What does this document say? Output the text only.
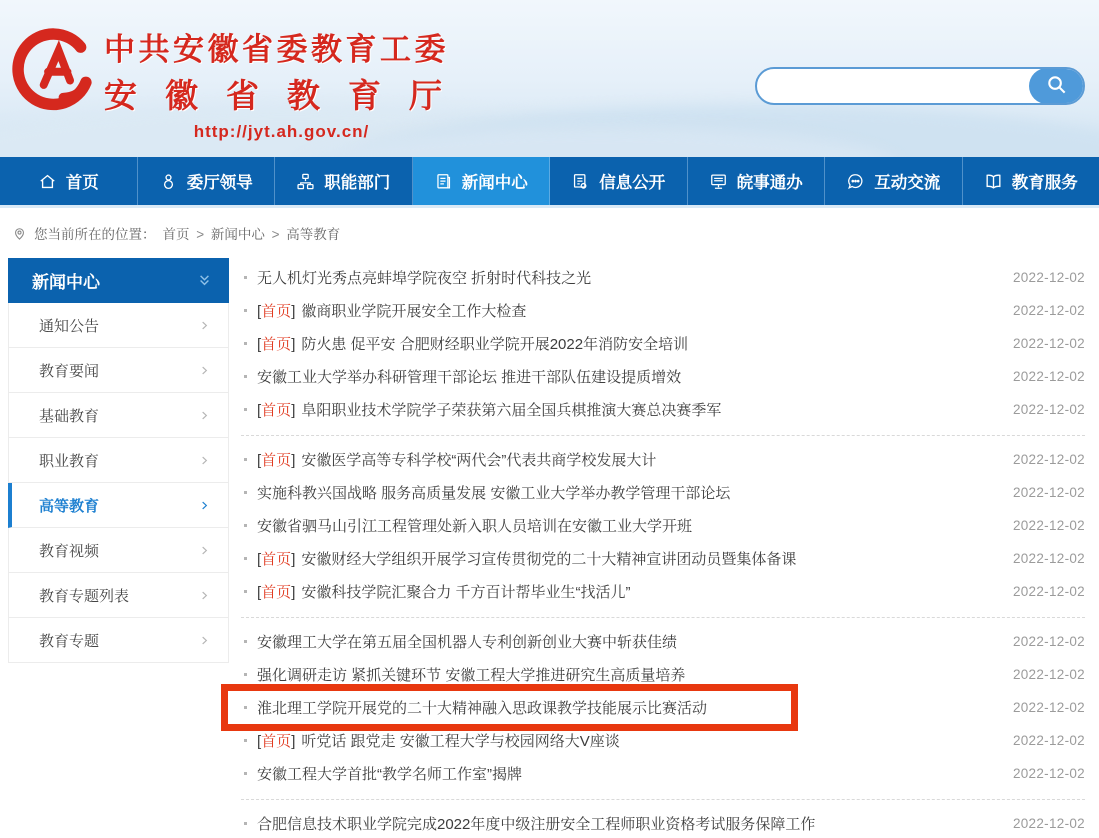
中共安徽省委教育工委
安徽省教育厅
http://jyt.ah.gov.cn/
首页	委厅领导	职能部门	新闻中心	信息公开	皖事通办	互动交流	教育服务
您当前所在的位置： 首页 > 新闻中心 > 高等教育
新闻中心
通知公告
教育要闻
基础教育
职业教育
高等教育
教育视频
教育专题列表
教育专题
无人机灯光秀点亮蚌埠学院夜空 折射时代科技之光	2022-12-02
[首页] 徽商职业学院开展安全工作大检查	2022-12-02
[首页] 防火患 促平安 合肥财经职业学院开展2022年消防安全培训	2022-12-02
安徽工业大学举办科研管理干部论坛 推进干部队伍建设提质增效	2022-12-02
[首页] 阜阳职业技术学院学子荣获第六届全国兵棋推演大赛总决赛季军	2022-12-02
[首页] 安徽医学高等专科学校“两代会”代表共商学校发展大计	2022-12-02
实施科教兴国战略 服务高质量发展 安徽工业大学举办教学管理干部论坛	2022-12-02
安徽省驷马山引江工程管理处新入职人员培训在安徽工业大学开班	2022-12-02
[首页] 安徽财经大学组织开展学习宣传贯彻党的二十大精神宣讲团动员暨集体备课	2022-12-02
[首页] 安徽科技学院汇聚合力 千方百计帮毕业生“找活儿”	2022-12-02
安徽理工大学在第五届全国机器人专利创新创业大赛中斩获佳绩	2022-12-02
强化调研走访 紧抓关键环节 安徽工程大学推进研究生高质量培养	2022-12-02
淮北理工学院开展党的二十大精神融入思政课教学技能展示比赛活动	2022-12-02
[首页] 听党话 跟党走 安徽工程大学与校园网络大V座谈	2022-12-02
安徽工程大学首批“教学名师工作室”揭牌	2022-12-02
合肥信息技术职业学院完成2022年度中级注册安全工程师职业资格考试服务保障工作	2022-12-02
